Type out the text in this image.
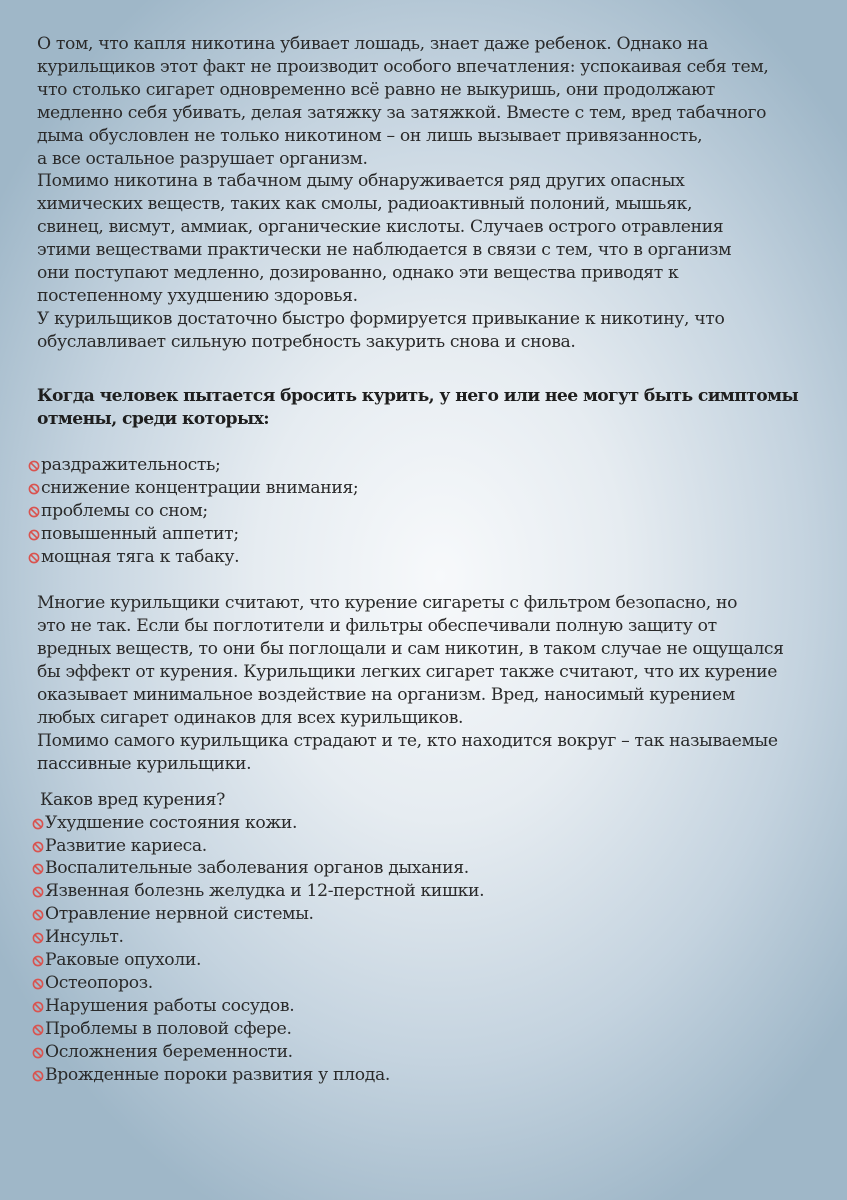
О том, что капля никотина убивает лошадь, знает даже ребенок. Однако на
курильщиков этот факт не производит особого впечатления: успокаивая себя тем,
что столько сигарет одновременно всё равно не выкуришь, они продолжают
медленно себя убивать, делая затяжку за затяжкой. Вместе с тем, вред табачного
дыма обусловлен не только никотином – он лишь вызывает привязанность,
а все остальное разрушает организм.
Помимо никотина в табачном дыму обнаруживается ряд других опасных
химических веществ, таких как смолы, радиоактивный полоний, мышьяк,
свинец, висмут, аммиак, органические кислоты. Случаев острого отравления
этими веществами практически не наблюдается в связи с тем, что в организм
они поступают медленно, дозированно, однако эти вещества приводят к
постепенному ухудшению здоровья.
У курильщиков достаточно быстро формируется привыкание к никотину, что
обуславливает сильную потребность закурить снова и снова.
Когда человек пытается бросить курить, у него или нее могут быть симптомы
отмены, среди которых:
раздражительность;
снижение концентрации внимания;
проблемы со сном;
повышенный аппетит;
мощная тяга к табаку.
Многие курильщики считают, что курение сигареты с фильтром безопасно, но
это не так. Если бы поглотители и фильтры обеспечивали полную защиту от
вредных веществ, то они бы поглощали и сам никотин, в таком случае не ощущался
бы эффект от курения. Курильщики легких сигарет также считают, что их курение
оказывает минимальное воздействие на организм. Вред, наносимый курением
любых сигарет одинаков для всех курильщиков.
Помимо самого курильщика страдают и те, кто находится вокруг – так называемые
пассивные курильщики.
Каков вред курения?
Ухудшение состояния кожи.
Развитие кариеса.
Воспалительные заболевания органов дыхания.
Язвенная болезнь желудка и 12-перстной кишки.
Отравление нервной системы.
Инсульт.
Раковые опухоли.
Остеопороз.
Нарушения работы сосудов.
Проблемы в половой сфере.
Осложнения беременности.
Врожденные пороки развития у плода.
